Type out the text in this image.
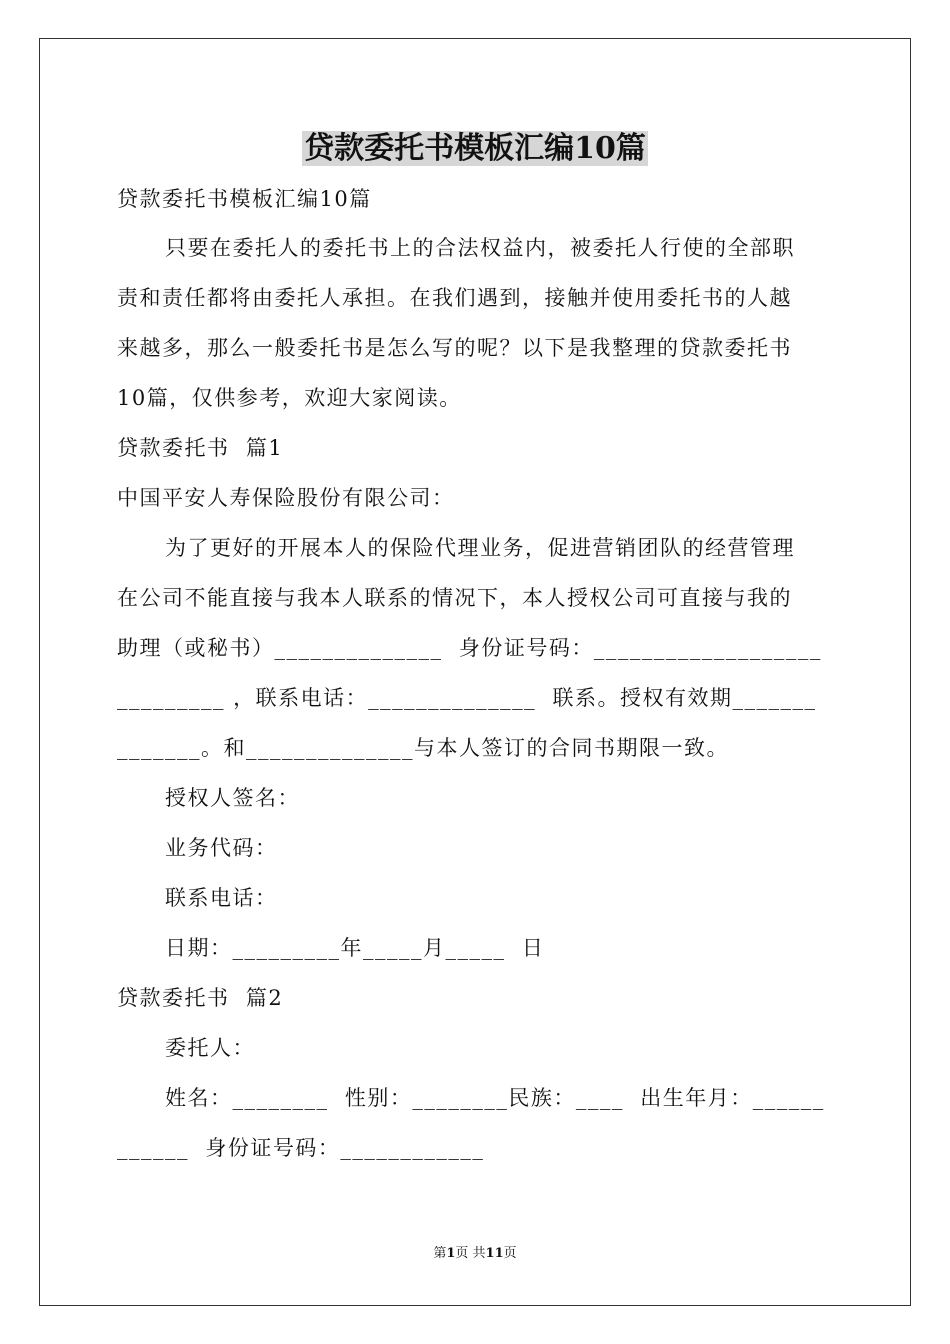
贷款委托书模板汇编10篇
贷款委托书模板汇编10篇
只要在委托人的委托书上的合法权益内，被委托人行使的全部职
责和责任都将由委托人承担。在我们遇到，接触并使用委托书的人越
来越多，那么一般委托书是怎么写的呢？以下是我整理的贷款委托书
10篇，仅供参考，欢迎大家阅读。
贷款委托书  篇1
中国平安人寿保险股份有限公司：
为了更好的开展本人的保险代理业务，促进营销团队的经营管理
在公司不能直接与我本人联系的情况下，本人授权公司可直接与我的
助理（或秘书）______________  身份证号码：___________________
_________ ，联系电话：______________  联系。授权有效期_______
_______。和______________与本人签订的合同书期限一致。
授权人签名：
业务代码：
联系电话：
日期：_________年_____月_____  日
贷款委托书  篇2
委托人：
姓名：________  性别：________民族：____  出生年月：______
______  身份证号码：____________
第1页 共11页
